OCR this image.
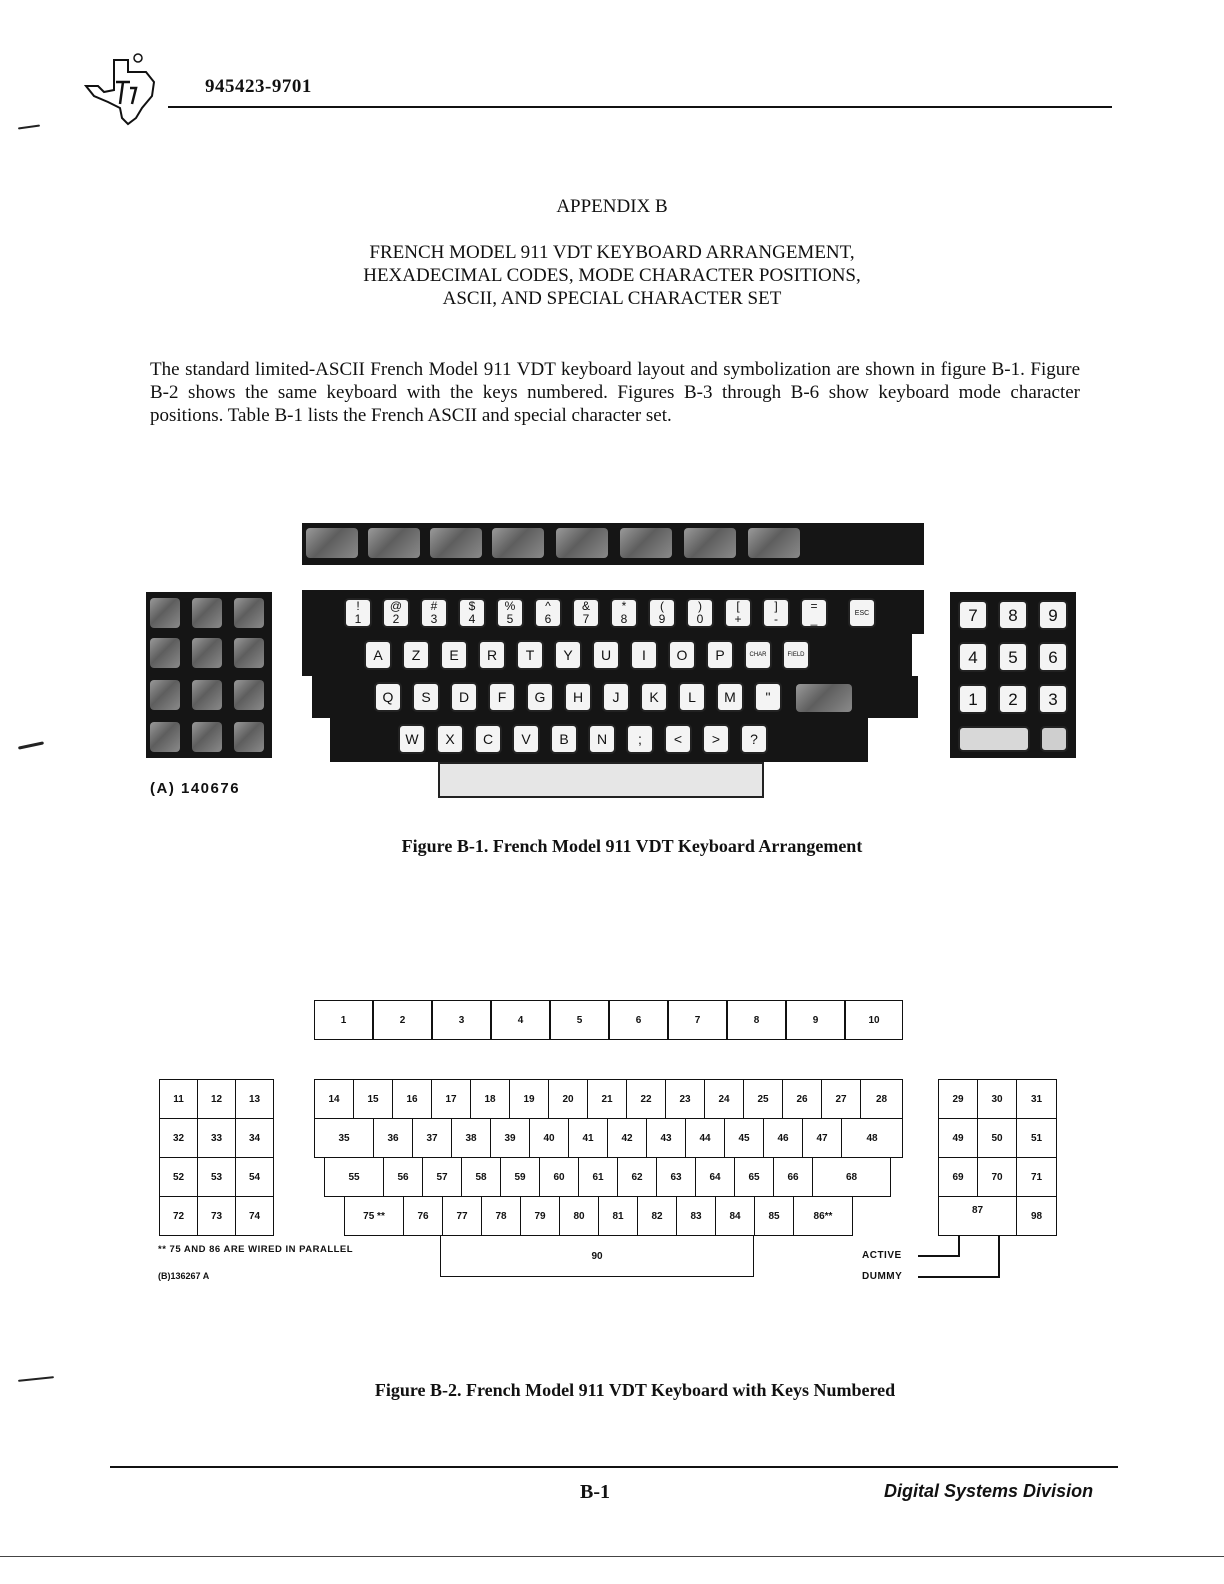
945423-9701
APPENDIX B
FRENCH MODEL 911 VDT KEYBOARD ARRANGEMENT,
HEXADECIMAL CODES, MODE CHARACTER POSITIONS,
ASCII, AND SPECIAL CHARACTER SET
The standard limited-ASCII French Model 911 VDT keyboard layout and symbolization are shown in figure B-1. Figure B-2 shows the same keyboard with the keys numbered. Figures B-3 through B-6 show keyboard mode character positions. Table B-1 lists the French ASCII and special character set.
!
1
@
2
#
3
$
4
%
5
^
6
&
7
*
8
(
9
)
0
[
+
]
-
=
_	ESC
A	Z	E	R	T	Y	U	I	O	P	CHAR	FIELD
Q	S	D	F	G	H	J	K	L	M	"
W	X	C	V	B	N	;	<	>	?
7	8	9
4	5	6
1	2	3
(A) 140676
Figure B-1. French Model 911 VDT Keyboard Arrangement
1	2	3	4	5	6	7	8	9	10
11	12	13
32	33	34
52	53	54
72	73	74
14	15	16	17	18	19	20	21	22	23	24	25	26	27	28
35	36	37	38	39	40	41	42	43	44	45	46	47	48
55	56	57	58	59	60	61	62	63	64	65	66	68
75 **	76	77	78	79	80	81	82	83	84	85	86**
90
29	30	31
49	50	51
69	70	71
87	98
ACTIVE
DUMMY
** 75 AND 86 ARE WIRED IN PARALLEL
(B)136267 A
Figure B-2. French Model 911 VDT Keyboard with Keys Numbered
B-1	Digital Systems Division
